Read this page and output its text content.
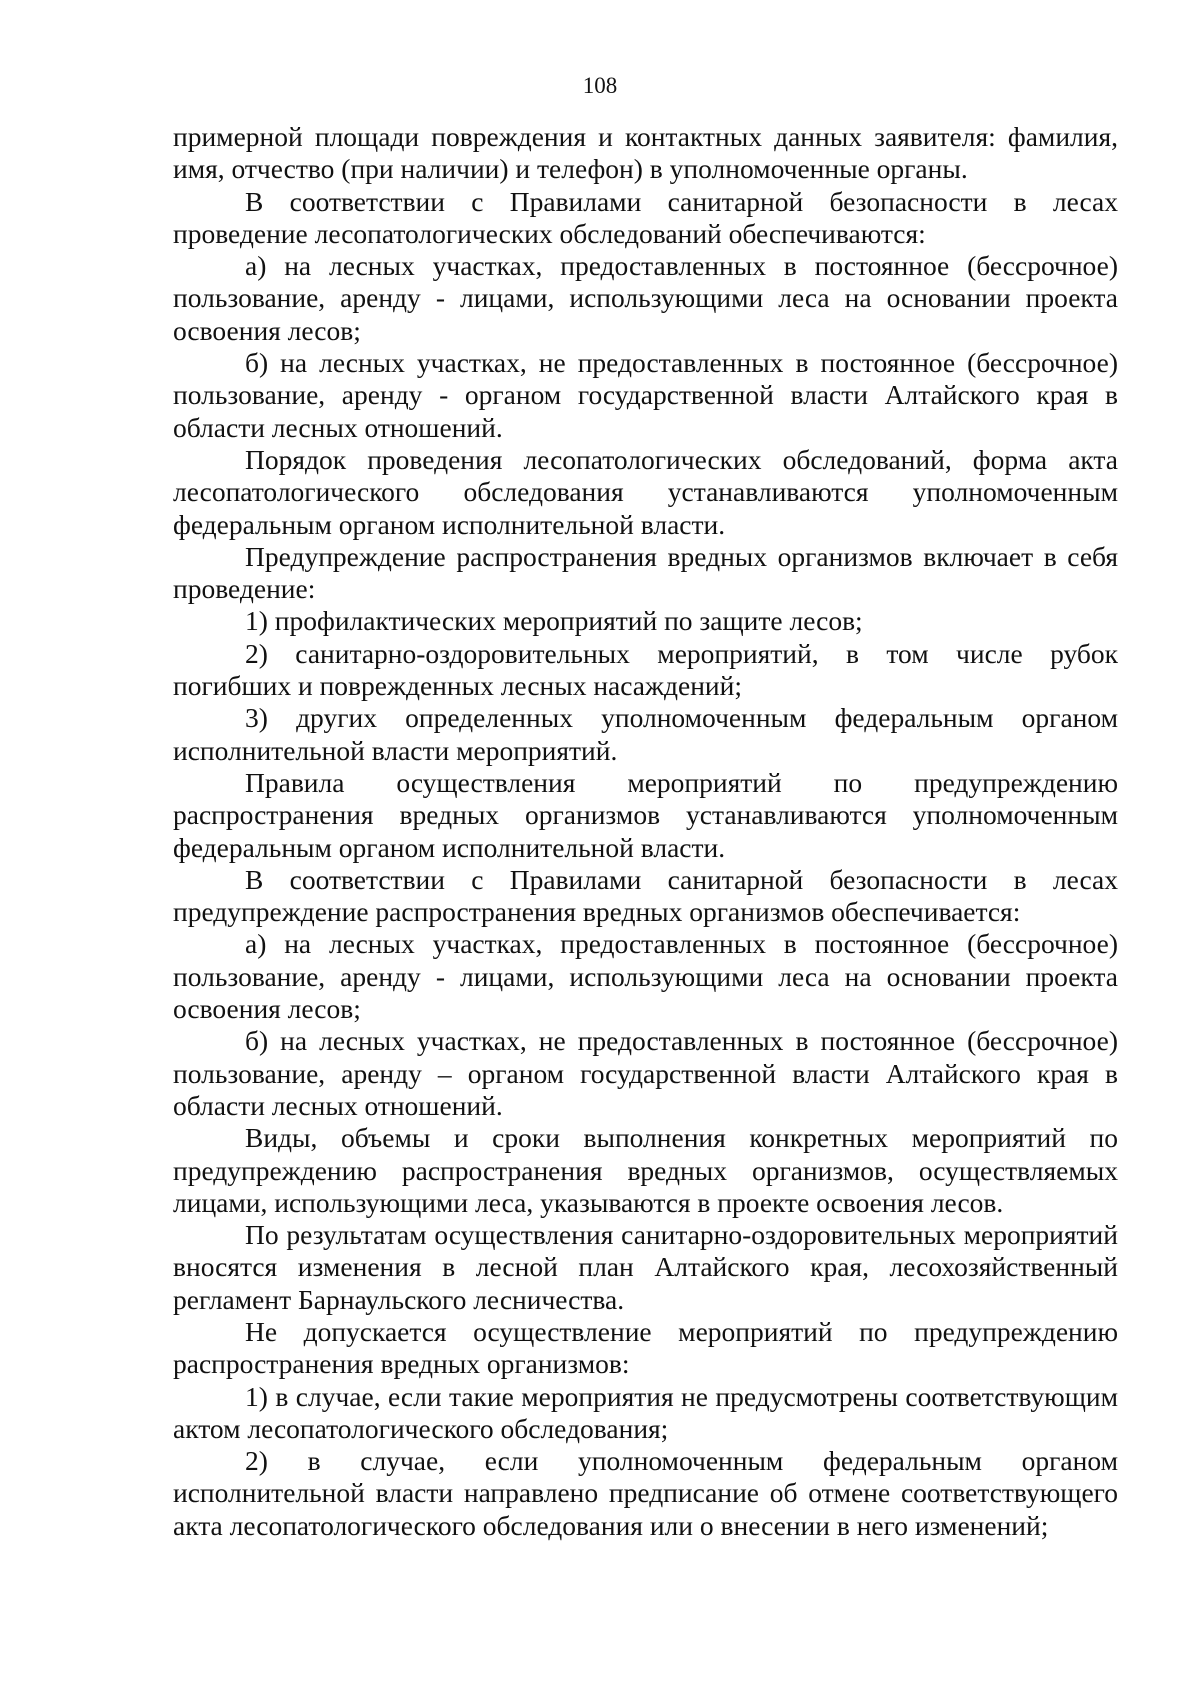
108

примерной площади повреждения и контактных данных заявителя: фамилия, имя, отчество (при наличии) и телефон) в уполномоченные органы.

В соответствии с Правилами санитарной безопасности в лесах проведение лесопатологических обследований обеспечиваются:

а) на лесных участках, предоставленных в постоянное (бессрочное) пользование, аренду - лицами, использующими леса на основании проекта освоения лесов;

б) на лесных участках, не предоставленных в постоянное (бессрочное) пользование, аренду - органом государственной власти Алтайского края в области лесных отношений.

Порядок проведения лесопатологических обследований, форма акта лесопатологического обследования устанавливаются уполномоченным федеральным органом исполнительной власти.

Предупреждение распространения вредных организмов включает в себя проведение:

1) профилактических мероприятий по защите лесов;

2) санитарно-оздоровительных мероприятий, в том числе рубок погибших и поврежденных лесных насаждений;

3) других определенных уполномоченным федеральным органом исполнительной власти мероприятий.

Правила осуществления мероприятий по предупреждению распространения вредных организмов устанавливаются уполномоченным федеральным органом исполнительной власти.

В соответствии с Правилами санитарной безопасности в лесах предупреждение распространения вредных организмов обеспечивается:

а) на лесных участках, предоставленных в постоянное (бессрочное) пользование, аренду - лицами, использующими леса на основании проекта освоения лесов;

б) на лесных участках, не предоставленных в постоянное (бессрочное) пользование, аренду – органом государственной власти Алтайского края в области лесных отношений.

Виды, объемы и сроки выполнения конкретных мероприятий по предупреждению распространения вредных организмов, осуществляемых лицами, использующими леса, указываются в проекте освоения лесов.

По результатам осуществления санитарно-оздоровительных мероприятий вносятся изменения в лесной план Алтайского края, лесохозяйственный регламент Барнаульского лесничества.

Не допускается осуществление мероприятий по предупреждению распространения вредных организмов:

1) в случае, если такие мероприятия не предусмотрены соответствующим актом лесопатологического обследования;

2) в случае, если уполномоченным федеральным органом исполнительной власти направлено предписание об отмене соответствующего акта лесопатологического обследования или о внесении в него изменений;
